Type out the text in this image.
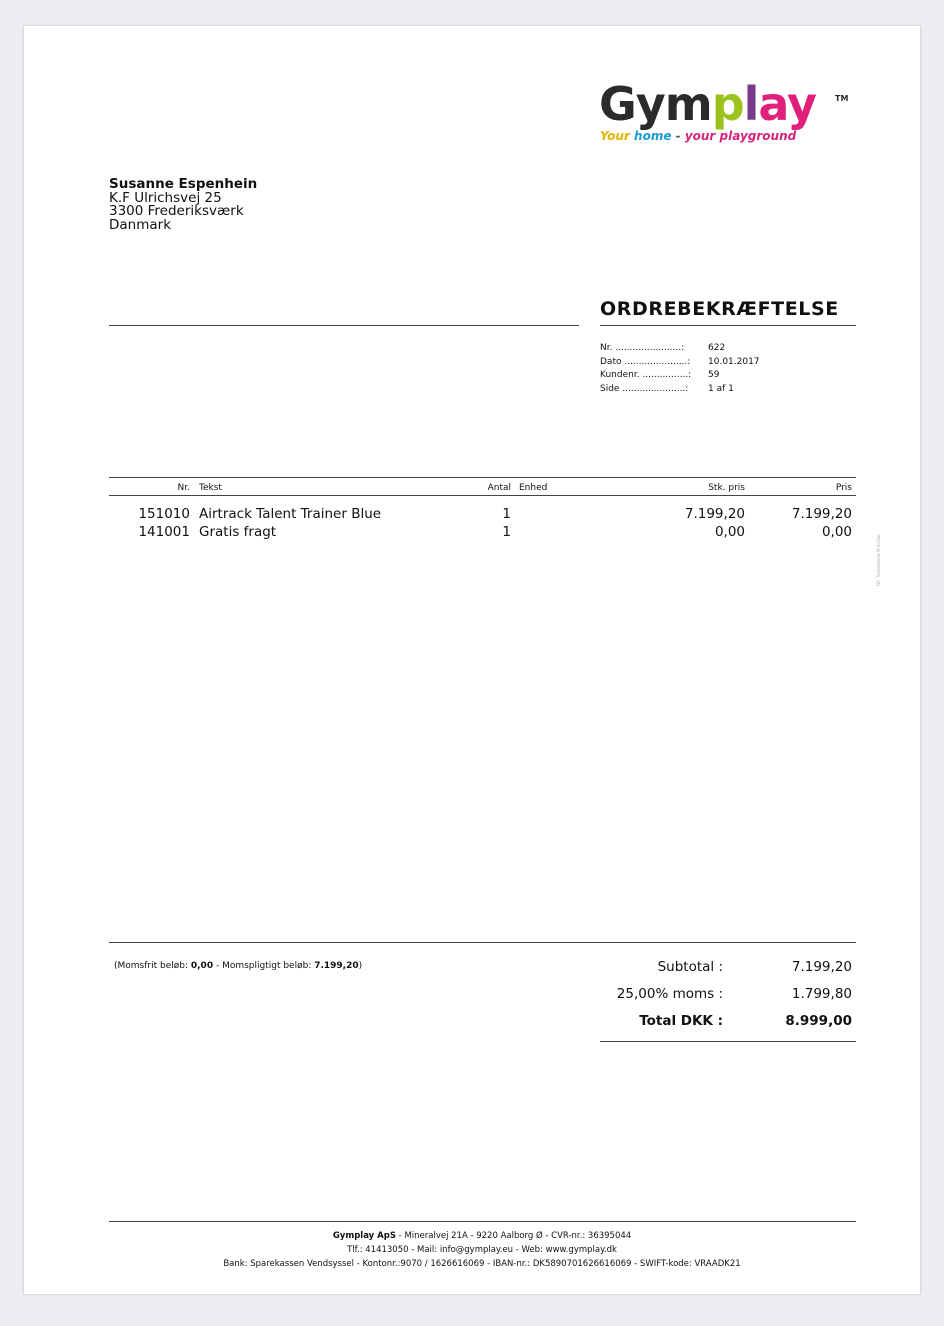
Gymplay TM
Your home - your playground
Susanne Espenhein
K.F Ulrichsvej 25
3300 Frederiksværk
Danmark
ORDREBEKRÆFTELSE
Nr. .......................:	622
Dato ......................:	10.01.2017
Kundenr. ................:	59
Side ......................:	1 af 1
Nr. Tekst	Antal Enhed	Stk. pris	Pris
151010 Airtrack Talent Trainer Blue	1	7.199,20	7.199,20
141001 Gratis fragt	1	0,00	0,00
NP: Trondelkorte M-Scribe
(Momsfrit beløb: 0,00 - Momspligtigt beløb: 7.199,20)	Subtotal :	7.199,20
25,00% moms :	1.799,80
Total DKK :	8.999,00
Gymplay ApS - Mineralvej 21A - 9220 Aalborg Ø - CVR-nr.: 36395044
Tlf.: 41413050 - Mail: info@gymplay.eu - Web: www.gymplay.dk
Bank: Sparekassen Vendsyssel - Kontonr.:9070 / 1626616069 - IBAN-nr.: DK5890701626616069 - SWIFT-kode: VRAADK21
